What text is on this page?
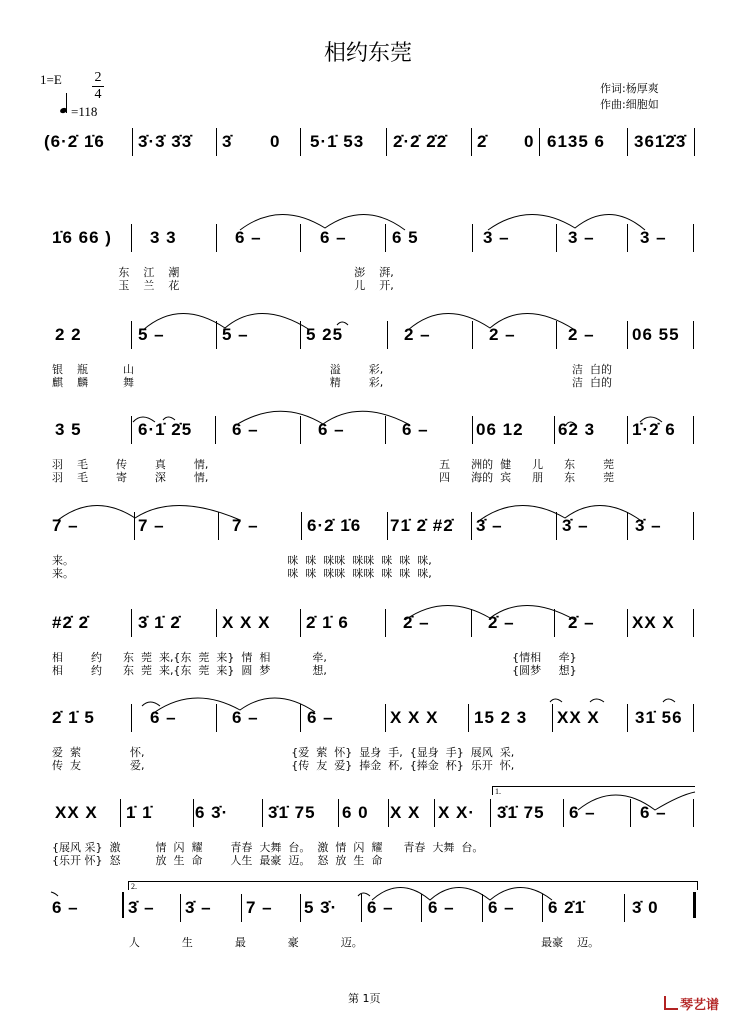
相约东莞
1=E 2
4
=118
作词:杨厚爽
作曲:细胞如
(6·2̇ 1̇6 3̇·3̇ 3̇3̇ 3̇ 0 5·1̇ 53 2̇·2̇ 2̇2̇ 2̇ 0 6135 6 361̇2̇3̇
1̇6 66 ) 3 3	6 –	6 –	6 5	3 –	3 –	3 –
东    江    潮                                                  澎    湃,
玉    兰    花                                                  儿    开,
2 2	5 –	5 –	5 25	2 –	2 –	2 – 06 55
银    瓶          山                                                        溢        彩,                                                      洁  白的
麒    麟          舞                                                        精        彩,                                                      洁  白的
3 5	6·1̇ 2̇5 6 –	6 –	6 –	06 12 62 3 1̇·2̇ 6
羽    毛        传        真        情,                                                                  五      洲的  健      儿      东        莞
羽    毛        寄        深        情,                                                                  四      海的  宾      朋      东        莞
7 –	7 –	7 –	6·2̇ 1̇6 71̇ 2̇ #2̇ 3̇ –	3̇ –	3̇ –
来。                                                             咪  咪  咪咪  咪咪  咪  咪  咪,
来。                                                             咪  咪  咪咪  咪咪  咪  咪  咪,
#2̇ 2̇	3̇ 1̇ 2̇ X X X 2̇ 1̇ 6	2̇ –	2̇ –	2̇ – XX X
相        约      东  莞  来,{东  莞  来}  情  相            牵,                                                     {情相     牵}
相        约      东  莞  来,{东  莞  来}  圆  梦            想,                                                     {圆梦     想}
2̇ 1̇ 5	6 –	6 –	6 –	X X X 15 2 3 XX X 31̇ 56
爱  萦              怀,                                          {爱  萦  怀}  显身  手,  {显身  手}  展风  采,
传  友              爱,                                          {传  友  爱}  捧金  杯,  {捧金  杯}  乐开  怀,
XX X 1̇ 1̇ 6 3̇· 3̇1̇ 75 6 0 X X X X· 3̇1̇ 75 6 –	6 –
{展风 采}  激          情  闪  耀        青春  大舞  台。  激  情  闪  耀      青春  大舞  台。
{乐开 怀}  怒          放  生  命        人生  最豪  迈。  怒  放  生  命
6 –	3̇ – 3̇ – 7 – 5 3̇· 6 – 6 – 6 – 6 2̇1̇	3̇ 0
人            生            最            豪            迈。                                                   最豪    迈。
1.
2.
第 1页	琴艺谱
